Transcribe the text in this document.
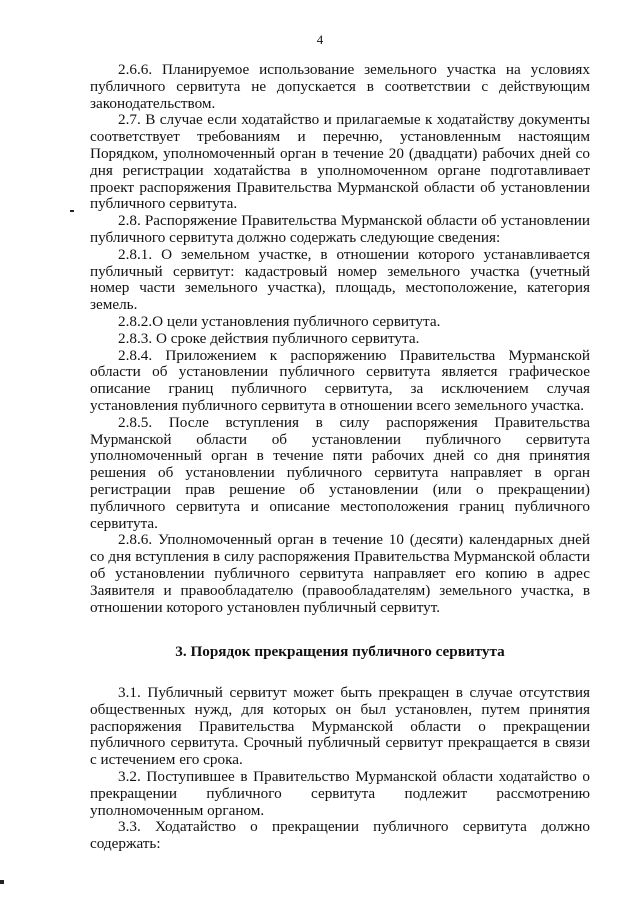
4

2.6.6. Планируемое использование земельного участка на условиях публичного сервитута не допускается в соответствии с действующим законодательством.

2.7. В случае если ходатайство и прилагаемые к ходатайству документы соответствует требованиям и перечню, установленным настоящим Порядком, уполномоченный орган в течение 20 (двадцати) рабочих дней со дня регистрации ходатайства в уполномоченном органе подготавливает проект распоряжения Правительства Мурманской области об установлении публичного сервитута.

2.8. Распоряжение Правительства Мурманской области об установлении публичного сервитута должно содержать следующие сведения:

2.8.1. О земельном участке, в отношении которого устанавливается публичный сервитут: кадастровый номер земельного участка (учетный номер части земельного участка), площадь, местоположение, категория земель.

2.8.2.О цели установления публичного сервитута.

2.8.3. О сроке действия публичного сервитута.

2.8.4. Приложением к распоряжению Правительства Мурманской области об установлении публичного сервитута является графическое описание границ публичного сервитута, за исключением случая установления публичного сервитута в отношении всего земельного участка.

2.8.5. После вступления в силу распоряжения Правительства Мурманской области об установлении публичного сервитута уполномоченный орган в течение пяти рабочих дней со дня принятия решения об установлении публичного сервитута направляет в орган регистрации прав решение об установлении (или о прекращении) публичного сервитута и описание местоположения границ публичного сервитута.

2.8.6. Уполномоченный орган в течение 10 (десяти) календарных дней со дня вступления в силу распоряжения Правительства Мурманской области об установлении публичного сервитута направляет его копию в адрес Заявителя и правообладателю (правообладателям) земельного участка, в отношении которого установлен публичный сервитут.

3. Порядок прекращения публичного сервитута

3.1. Публичный сервитут может быть прекращен в случае отсутствия общественных нужд, для которых он был установлен, путем принятия распоряжения Правительства Мурманской области о прекращении публичного сервитута. Срочный публичный сервитут прекращается в связи с истечением его срока.

3.2. Поступившее в Правительство Мурманской области ходатайство о прекращении публичного сервитута подлежит рассмотрению уполномоченным органом.

3.3. Ходатайство о прекращении публичного сервитута должно содержать:
